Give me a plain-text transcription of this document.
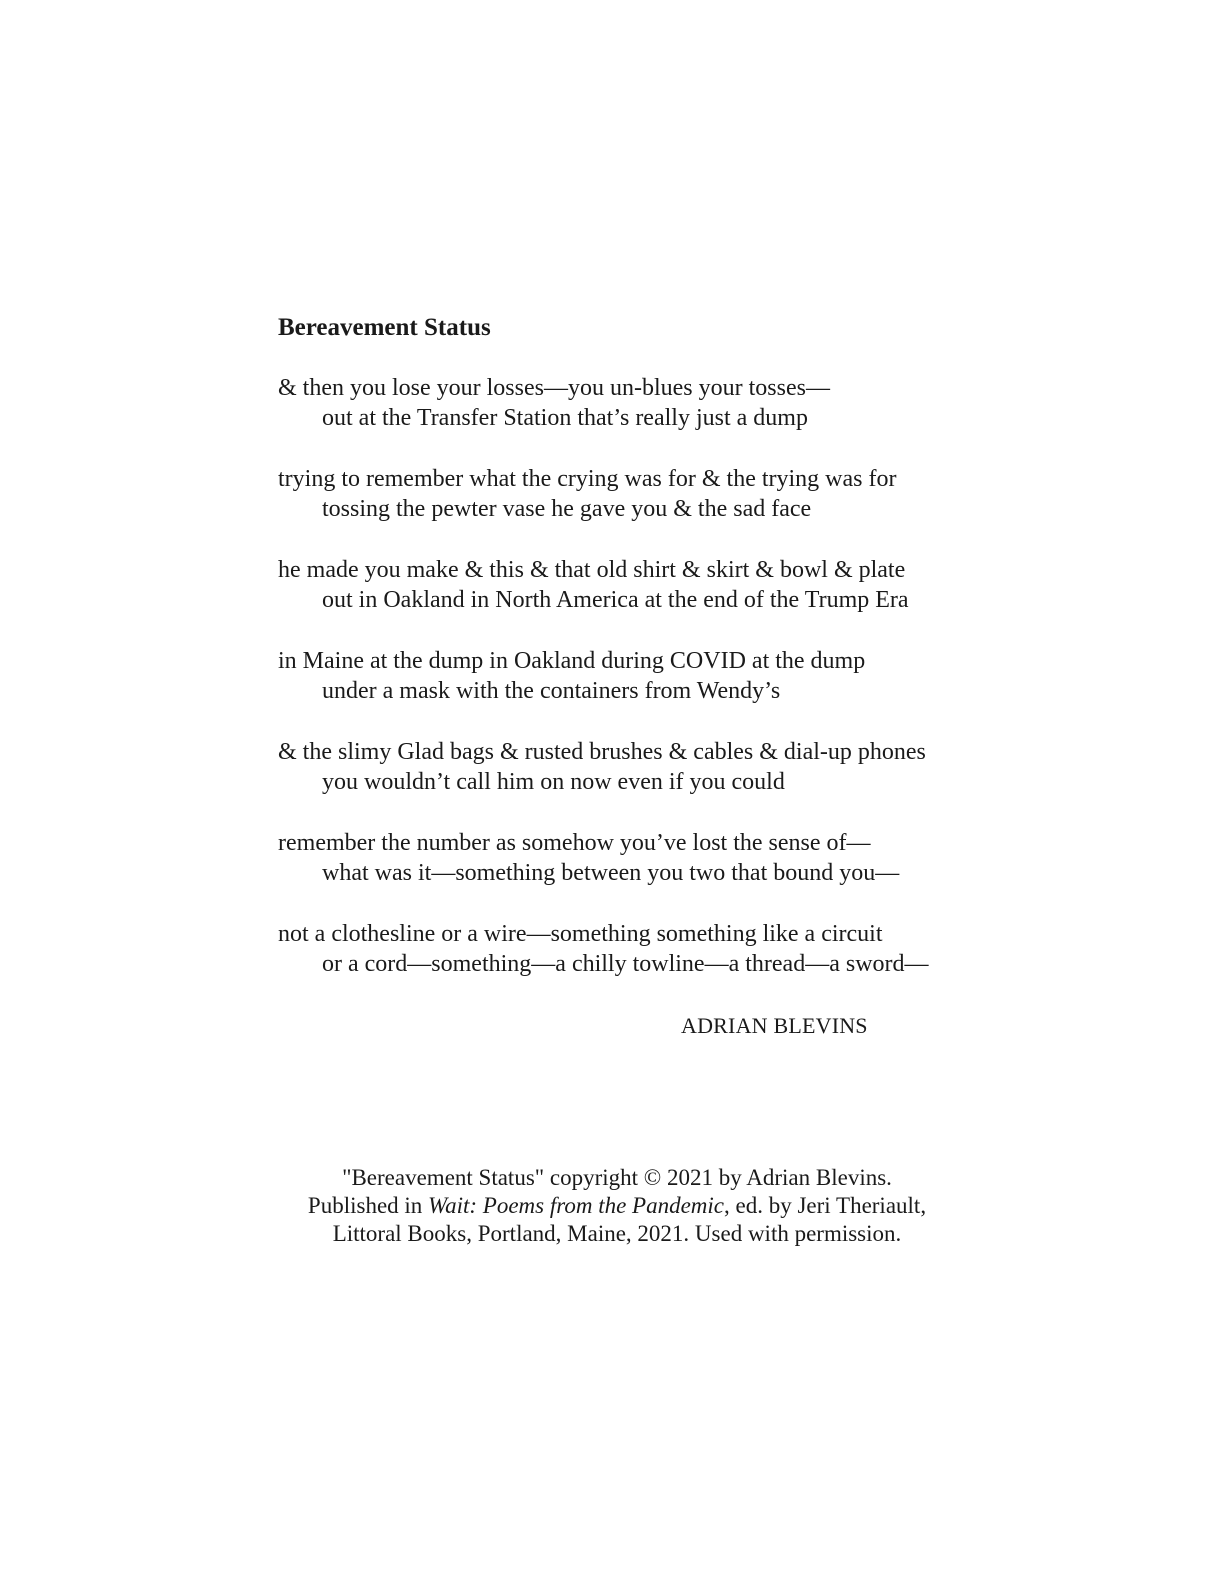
Bereavement Status
& then you lose your losses—you un-blues your tosses—
out at the Transfer Station that’s really just a dump
trying to remember what the crying was for & the trying was for
tossing the pewter vase he gave you & the sad face
he made you make & this & that old shirt & skirt & bowl & plate
out in Oakland in North America at the end of the Trump Era
in Maine at the dump in Oakland during COVID at the dump
under a mask with the containers from Wendy’s
& the slimy Glad bags & rusted brushes & cables & dial-up phones
you wouldn’t call him on now even if you could
remember the number as somehow you’ve lost the sense of—
what was it—something between you two that bound you—
not a clothesline or a wire—something something like a circuit
or a cord—something—a chilly towline—a thread—a sword—
ADRIAN BLEVINS
"Bereavement Status" copyright © 2021 by Adrian Blevins.
Published in Wait: Poems from the Pandemic, ed. by Jeri Theriault,
Littoral Books, Portland, Maine, 2021. Used with permission.
